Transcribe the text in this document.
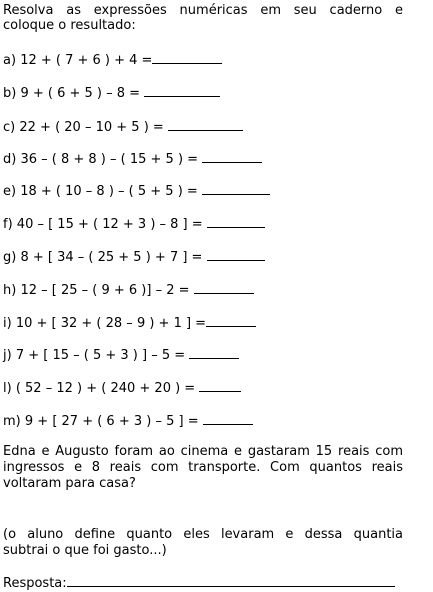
Resolva as expressões numéricas em seu caderno e
coloque o resultado:
a) 12 + ( 7 + 6 ) + 4 =
b) 9 + ( 6 + 5 ) – 8 =
c) 22 + ( 20 – 10 + 5 ) =
d) 36 – ( 8 + 8 ) – ( 15 + 5 ) =
e) 18 + ( 10 – 8 ) – ( 5 + 5 ) =
f) 40 – [ 15 + ( 12 + 3 ) – 8 ] =
g) 8 + [ 34 – ( 25 + 5 ) + 7 ] =
h) 12 – [ 25 – ( 9 + 6 )] – 2 =
i) 10 + [ 32 + ( 28 – 9 ) + 1 ] =
j) 7 + [ 15 – ( 5 + 3 ) ] – 5 =
l) ( 52 – 12 ) + ( 240 + 20 ) =
m) 9 + [ 27 + ( 6 + 3 ) – 5 ] =
Edna e Augusto foram ao cinema e gastaram 15 reais com
ingressos e 8 reais com transporte. Com quantos reais
voltaram para casa?
(o aluno define quanto eles levaram e dessa quantia
subtrai o que foi gasto...)
Resposta:
